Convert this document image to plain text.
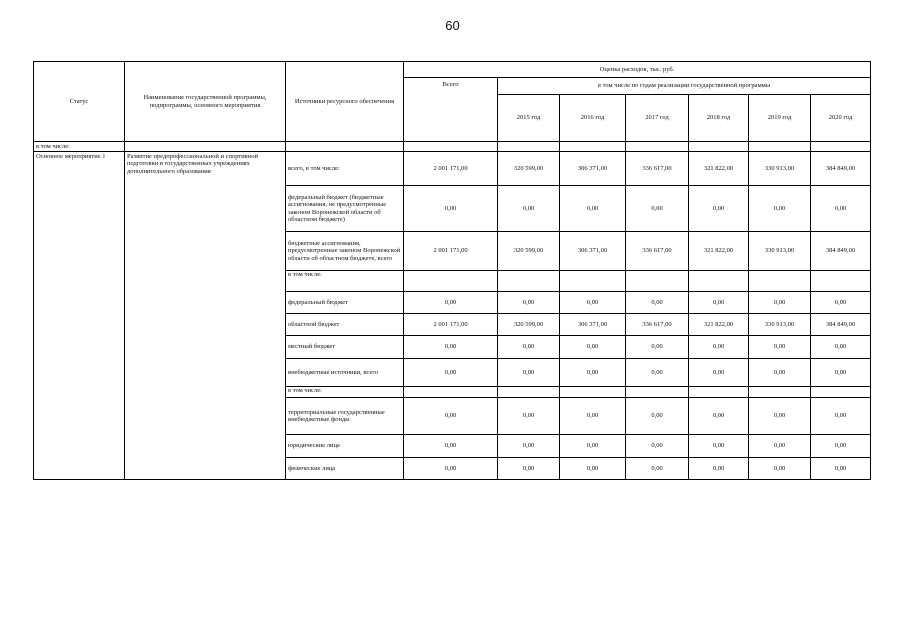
60
Статус	Наименование государственной программы, подпрограммы, основного мероприятия	Источники ресурсного обеспечения	Оценка расходов, тыс. руб.						
			Всего	в том числе по годам реализации государственной программы					
				2015 год	2016 год	2017 год	2018 год	2019 год	2020 год
в том числе:									
Основное мероприятие 1	Развитие предпрофессиональной и спортивной подготовки в государственных учреждениях дополнительного образования	всего, в том числе:	2 001 171,00	320 599,00	306 371,00	336 617,00	321 822,00	330 913,00	384 849,00
		федеральный бюджет (бюджетные ассигнования, не предусмотренные законом Воронежской области об областном бюджете)	0,00	0,00	0,00	0,00	0,00	0,00	0,00
		бюджетные ассигнования, предусмотренные законом Воронежской области об областном бюджете, всего	2 001 171,00	320 599,00	306 371,00	336 617,00	321 822,00	330 913,00	384 849,00
		в том числе:							
		федеральный бюджет	0,00	0,00	0,00	0,00	0,00	0,00	0,00
		областной бюджет	2 001 171,00	320 599,00	306 371,00	336 617,00	321 822,00	330 913,00	384 849,00
		местный бюджет	0,00	0,00	0,00	0,00	0,00	0,00	0,00
		внебюджетные источники, всего	0,00	0,00	0,00	0,00	0,00	0,00	0,00
		в том числе:							
		территориальные государственные внебюджетные фонды	0,00	0,00	0,00	0,00	0,00	0,00	0,00
		юридические лица	0,00	0,00	0,00	0,00	0,00	0,00	0,00
		физические лица	0,00	0,00	0,00	0,00	0,00	0,00	0,00
